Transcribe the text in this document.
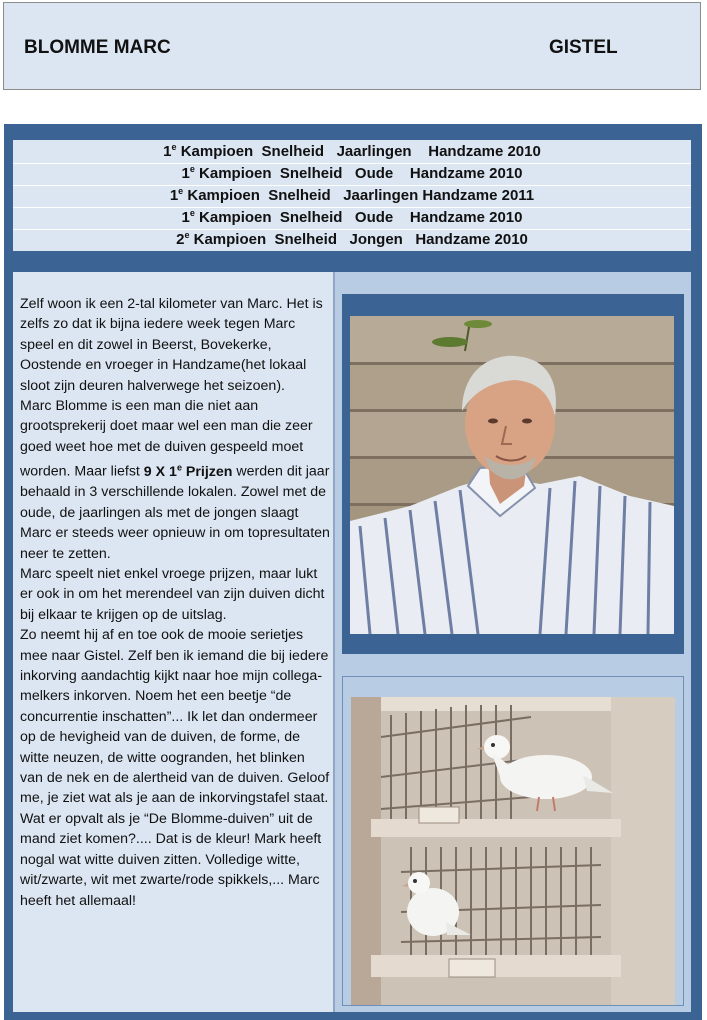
BLOMME MARC	GISTEL
1e Kampioen  Snelheid   Jaarlingen    Handzame 2010
1e Kampioen  Snelheid   Oude    Handzame 2010
1e Kampioen  Snelheid   Jaarlingen Handzame 2011
1e Kampioen  Snelheid   Oude    Handzame 2010
2e Kampioen  Snelheid   Jongen   Handzame 2010

Zelf woon ik een 2-tal kilometer van Marc. Het is zelfs zo dat ik bijna iedere week tegen Marc speel en dit zowel in Beerst, Bovekerke, Oostende en vroeger in Handzame(het lokaal sloot zijn deuren halverwege het seizoen).

Marc Blomme is een man die niet aan grootsprekerij doet maar wel een man die zeer goed weet hoe met de duiven gespeeld moet worden. Maar liefst 9 X 1e Prijzen werden dit jaar behaald in 3 verschillende lokalen. Zowel met de oude, de jaarlingen als met de jongen slaagt Marc er steeds weer opnieuw in om topresultaten neer te zetten.

Marc speelt niet enkel vroege prijzen, maar lukt er ook in om het merendeel van zijn duiven dicht bij elkaar te krijgen op de uitslag.

Zo neemt hij af en toe ook de mooie serietjes mee naar Gistel. Zelf ben ik iemand die bij iedere inkorving aandachtig kijkt naar hoe mijn collega-melkers inkorven. Noem het een beetje “de concurrentie inschatten”... Ik let dan ondermeer op de hevigheid van de duiven, de forme, de witte neuzen, de witte oogranden, het blinken van de nek en de alertheid van de duiven. Geloof me, je ziet wat als je aan de inkorvingstafel staat. Wat er opvalt als je “De Blomme-duiven” uit de mand ziet komen?.... Dat is de kleur! Mark heeft nogal wat witte duiven zitten. Volledige witte, wit/zwarte, wit met zwarte/rode spikkels,... Marc heeft het allemaal!
